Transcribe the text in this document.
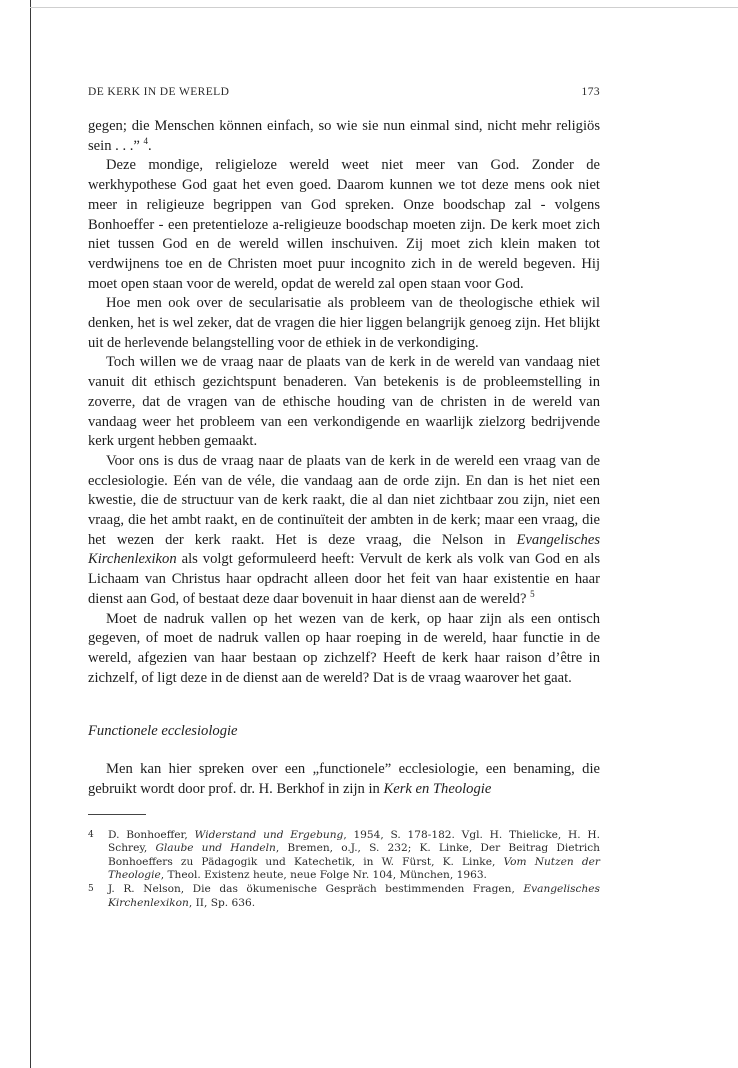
DE KERK IN DE WERELD	173

gegen; die Menschen können einfach, so wie sie nun einmal sind, nicht mehr religiös sein . . .” $^4$.

Deze mondige, religieloze wereld weet niet meer van God. Zonder de werkhypothese God gaat het even goed. Daarom kunnen we tot deze mens ook niet meer in religieuze begrippen van God spreken. Onze boodschap zal - volgens Bonhoeffer - een pretentieloze a-religieuze boodschap moeten zijn. De kerk moet zich niet tussen God en de wereld willen inschuiven. Zij moet zich klein maken tot verdwijnens toe en de Christen moet puur incognito zich in de wereld begeven. Hij moet open staan voor de wereld, opdat de wereld zal open staan voor God.

Hoe men ook over de secularisatie als probleem van de theologische ethiek wil denken, het is wel zeker, dat de vragen die hier liggen belangrijk genoeg zijn. Het blijkt uit de herlevende belangstelling voor de ethiek in de verkondiging.

Toch willen we de vraag naar de plaats van de kerk in de wereld van vandaag niet vanuit dit ethisch gezichtspunt benaderen. Van betekenis is de probleemstelling in zoverre, dat de vragen van de ethische houding van de christen in de wereld van vandaag weer het probleem van een verkondigende en waarlijk zielzorg bedrijvende kerk urgent hebben gemaakt.

Voor ons is dus de vraag naar de plaats van de kerk in de wereld een vraag van de ecclesiologie. Eén van de véle, die vandaag aan de orde zijn. En dan is het niet een kwestie, die de structuur van de kerk raakt, die al dan niet zichtbaar zou zijn, niet een vraag, die het ambt raakt, en de continuïteit der ambten in de kerk; maar een vraag, die het wezen der kerk raakt. Het is deze vraag, die Nelson in Evangelisches Kirchenlexikon als volgt geformuleerd heeft: Vervult de kerk als volk van God en als Lichaam van Christus haar opdracht alleen door het feit van haar existentie en haar dienst aan God, of bestaat deze daar bovenuit in haar dienst aan de wereld? $^5$

Moet de nadruk vallen op het wezen van de kerk, op haar zijn als een ontisch gegeven, of moet de nadruk vallen op haar roeping in de wereld, haar functie in de wereld, afgezien van haar bestaan op zichzelf? Heeft de kerk haar raison d’être in zichzelf, of ligt deze in de dienst aan de wereld? Dat is de vraag waarover het gaat.

Functionele ecclesiologie

Men kan hier spreken over een „functionele” ecclesiologie, een benaming, die gebruikt wordt door prof. dr. H. Berkhof in zijn in Kerk en Theologie

4	D. Bonhoeffer, Widerstand und Ergebung, 1954, S. 178-182. Vgl. H. Thielicke, H. H. Schrey, Glaube und Handeln, Bremen, o.J., S. 232; K. Linke, Der Beitrag Dietrich Bonhoeffers zu Pädagogik und Katechetik, in W. Fürst, K. Linke, Vom Nutzen der Theologie, Theol. Existenz heute, neue Folge Nr. 104, München, 1963.
5	J. R. Nelson, Die das ökumenische Gespräch bestimmenden Fragen, Evangelisches Kirchenlexikon, II, Sp. 636.
